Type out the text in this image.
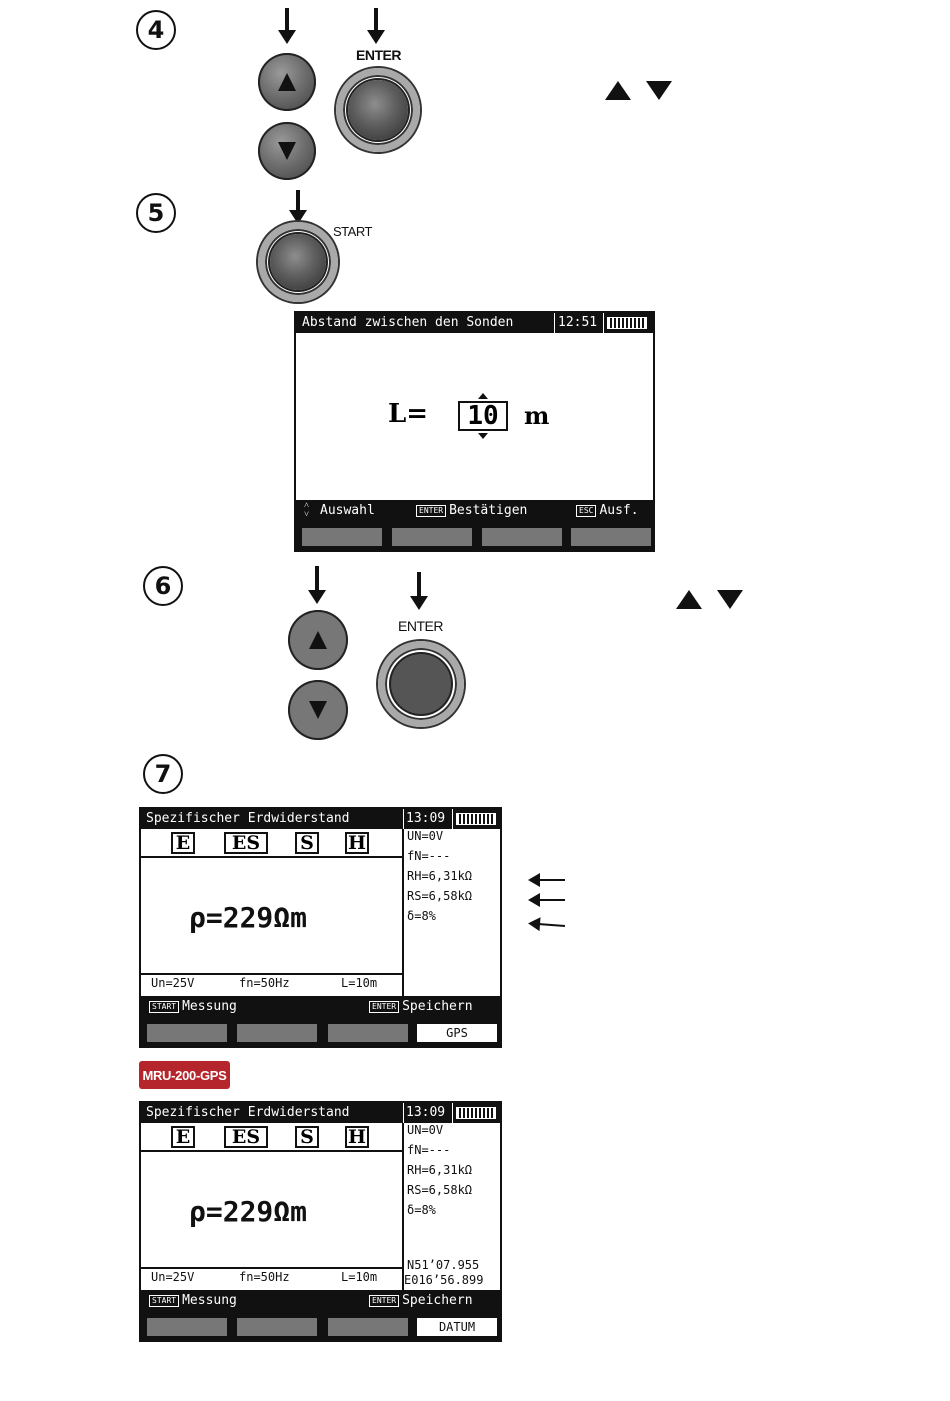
4
ENTER
5
START
Abstand zwischen den Sonden	12:51
L=	10	m
˄
˅ Auswahl	ENTER Bestätigen	ESC Ausf.
6
ENTER
7
Spezifischer Erdwiderstand	13:09
E	ES	S H	UN=0V
fN=---
RH=6,31kΩ
RS=6,58kΩ
δ=8%
ρ=229Ωm
Un=25V	fn=50Hz	L=10m
START Messung	ENTER Speichern
GPS
MRU-200-GPS
Spezifischer Erdwiderstand	13:09
E	ES	S H	UN=0V
fN=---
RH=6,31kΩ
RS=6,58kΩ
δ=8%
N51’07.955
E016’56.899
ρ=229Ωm
Un=25V	fn=50Hz	L=10m
START Messung	ENTER Speichern
DATUM
